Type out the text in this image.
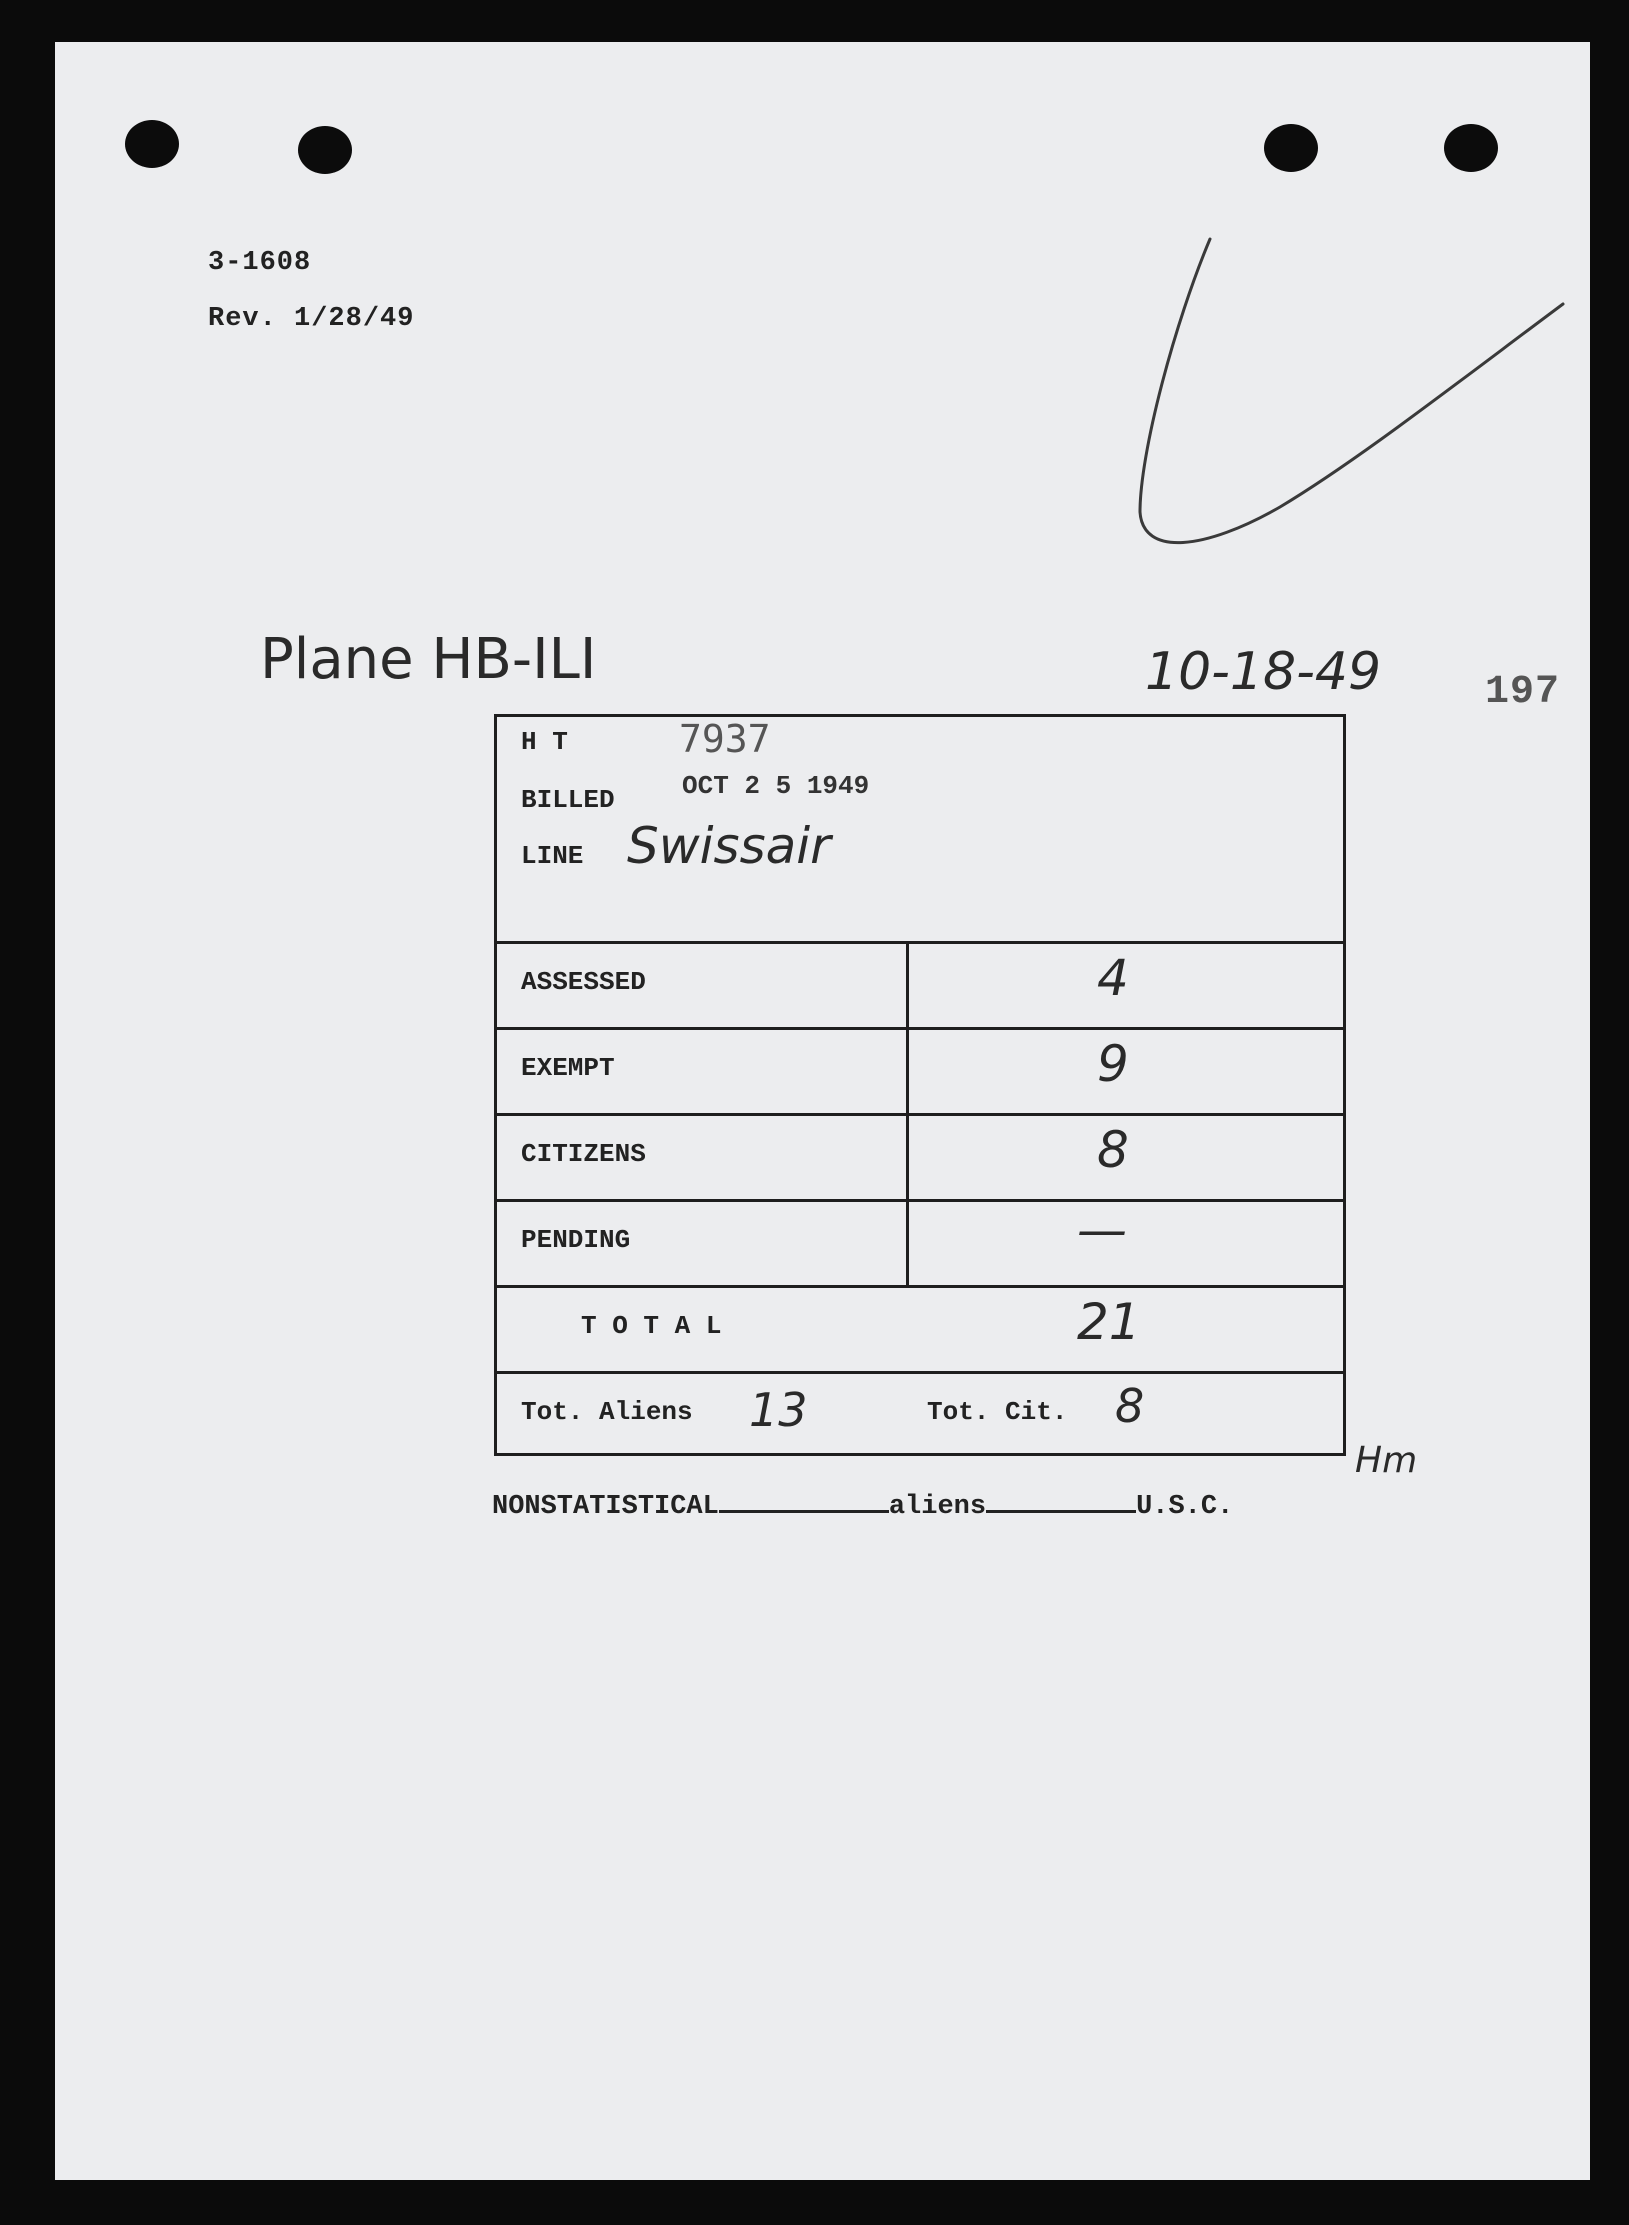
3-1608
Rev. 1/28/49
Plane HB-ILI	10-18-49	197
H T	7937
BILLED	OCT 2 5 1949
LINE Swissair
ASSESSED	4
EXEMPT	9
CITIZENS	8
PENDING	—
T O T A L	21
Tot. Aliens 13	Tot. Cit. 8
Hm
NONSTATISTICAL	aliens	U.S.C.
